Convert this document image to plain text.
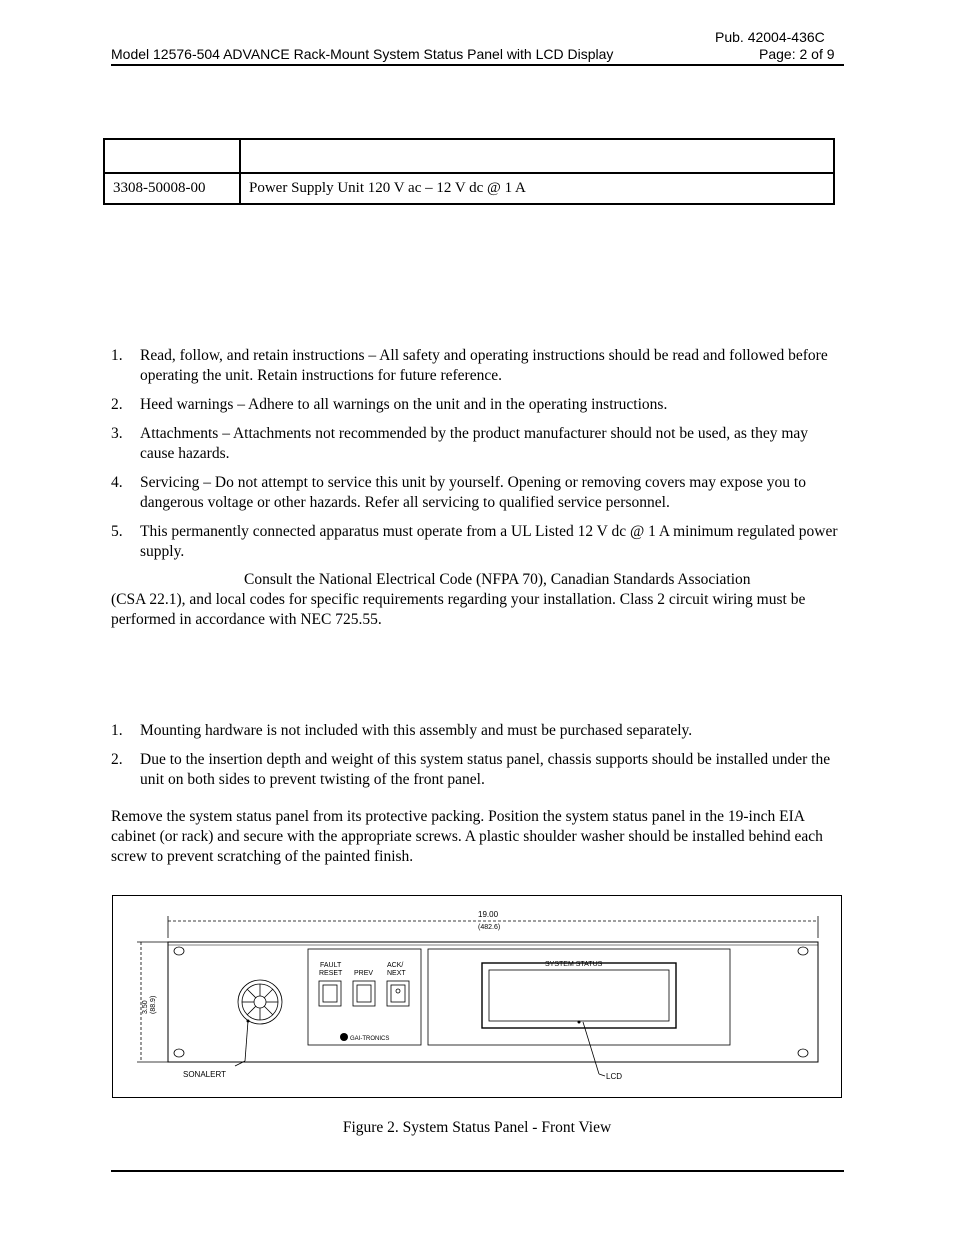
Pub. 42004-436C
Model 12576-504 ADVANCE Rack-Mount System Status Panel with LCD Display	Page: 2 of 9

3308-50008-00	Power Supply Unit 120 V ac – 12 V dc @ 1 A
1. Read, follow, and retain instructions – All safety and operating instructions should be read and followed before operating the unit. Retain instructions for future reference.
2. Heed warnings – Adhere to all warnings on the unit and in the operating instructions.
3. Attachments – Attachments not recommended by the product manufacturer should not be used, as they may cause hazards.
4. Servicing – Do not attempt to service this unit by yourself. Opening or removing covers may expose you to dangerous voltage or other hazards. Refer all servicing to qualified service personnel.
5. This permanently connected apparatus must operate from a UL Listed 12 V dc @ 1 A minimum regulated power supply.
Consult the National Electrical Code (NFPA 70), Canadian Standards Association
(CSA 22.1), and local codes for specific requirements regarding your installation. Class 2 circuit wiring must be performed in accordance with NEC 725.55.
1. Mounting hardware is not included with this assembly and must be purchased separately.
2. Due to the insertion depth and weight of this system status panel, chassis supports should be installed under the unit on both sides to prevent twisting of the front panel.
Remove the system status panel from its protective packing. Position the system status panel in the 19-inch EIA cabinet (or rack) and secure with the appropriate screws. A plastic shoulder washer should be installed behind each screw to prevent scratching of the painted finish.
19.00
(482.6)
3.50 (88.9)
FAULT
RESET PREV
ACK/
NEXT
GAI-TRONICS
SYSTEM STATUS
SONALERT	LCD
Figure 2. System Status Panel - Front View
